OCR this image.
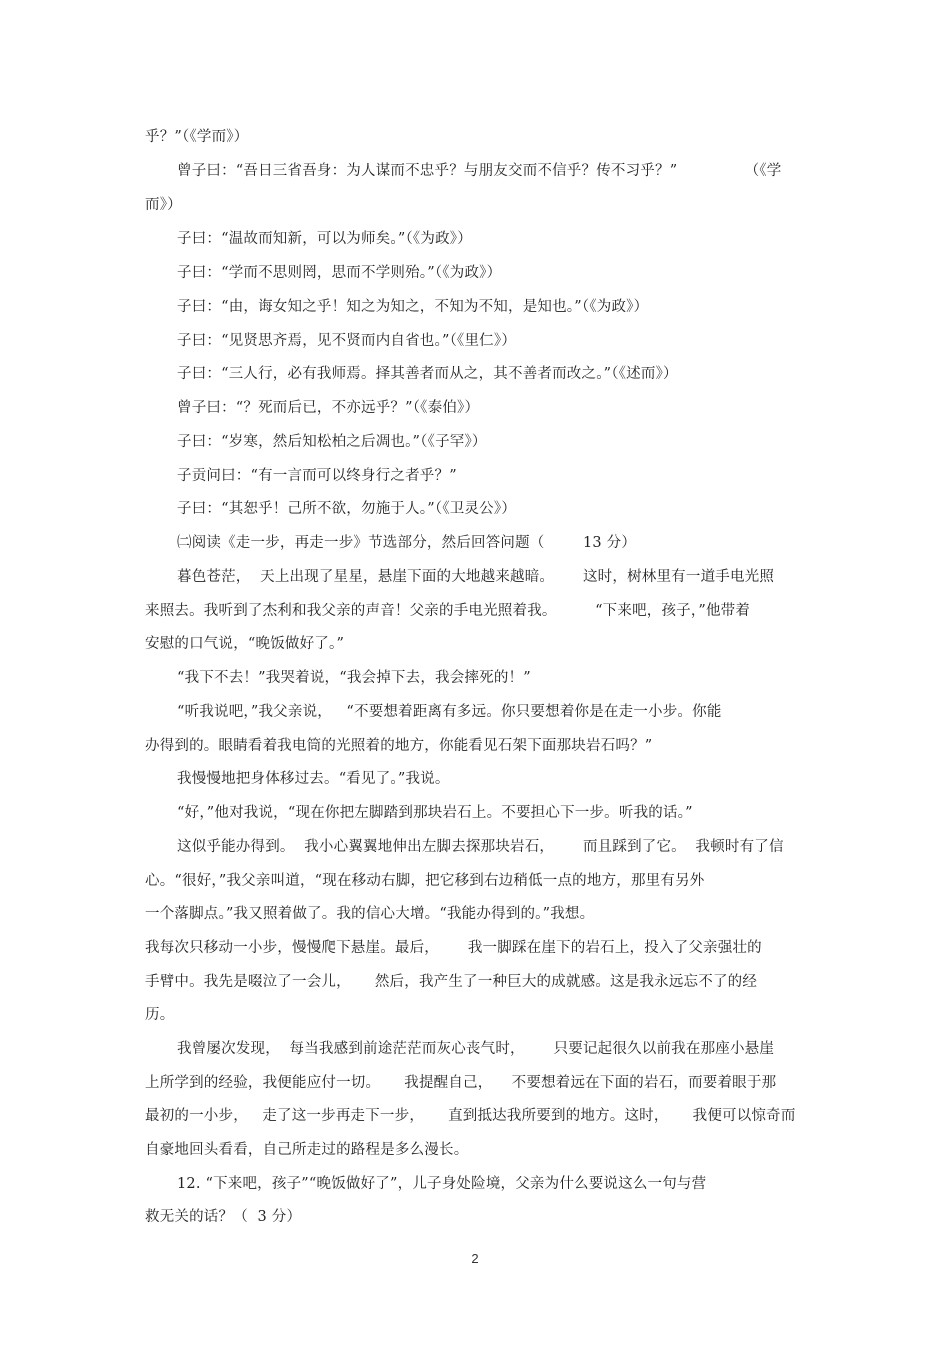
乎？”（《学而》）
曾子曰：“吾日三省吾身：为人谋而不忠乎？与朋友交而不信乎？传不习乎？”              （《学
而》）
子曰：“温故而知新，可以为师矣。”（《为政》）
子曰：“学而不思则罔，思而不学则殆。”（《为政》）
子曰：“由，诲女知之乎！知之为知之，不知为不知，是知也。”（《为政》）
子曰：“见贤思齐焉，见不贤而内自省也。”（《里仁》）
子曰：“三人行，必有我师焉。择其善者而从之，其不善者而改之。”（《述而》）
曾子曰：“？死而后已，不亦远乎？”（《泰伯》）
子曰：“岁寒，然后知松柏之后凋也。”（《子罕》）
子贡问曰：“有一言而可以终身行之者乎？”
子曰：“其恕乎！己所不欲，勿施于人。”（《卫灵公》）
㈡阅读《走一步，再走一步》节选部分，然后回答问题（        13 分）
暮色苍茫，  天上出现了星星，悬崖下面的大地越来越暗。      这时，树林里有一道手电光照
来照去。我听到了杰利和我父亲的声音！父亲的手电光照着我。        “下来吧，孩子，”他带着
安慰的口气说，“晚饭做好了。”
“我下不去！”我哭着说，“我会掉下去，我会摔死的！”
“听我说吧，”我父亲说，   “不要想着距离有多远。你只要想着你是在走一小步。你能
办得到的。眼睛看着我电筒的光照着的地方，你能看见石架下面那块岩石吗？”
我慢慢地把身体移过去。“看见了。”我说。
“好，”他对我说，“现在你把左脚踏到那块岩石上。不要担心下一步。听我的话。”
这似乎能办得到。  我小心翼翼地伸出左脚去探那块岩石，      而且踩到了它。  我顿时有了信
心。“很好，”我父亲叫道，“现在移动右脚，把它移到右边稍低一点的地方，那里有另外
一个落脚点。”我又照着做了。我的信心大增。“我能办得到的。”我想。
我每次只移动一小步，慢慢爬下悬崖。最后，      我一脚踩在崖下的岩石上，投入了父亲强壮的
手臂中。我先是啜泣了一会儿，     然后，我产生了一种巨大的成就感。这是我永远忘不了的经
历。
我曾屡次发现，  每当我感到前途茫茫而灰心丧气时，      只要记起很久以前我在那座小悬崖
上所学到的经验，我便能应付一切。     我提醒自己，    不要想着远在下面的岩石，而要着眼于那
最初的一小步，   走了这一步再走下一步，     直到抵达我所要到的地方。这时，     我便可以惊奇而
自豪地回头看看，自己所走过的路程是多么漫长。
12. “下来吧，孩子”“晚饭做好了”，儿子身处险境，父亲为什么要说这么一句与营
救无关的话？（  3 分）
2
